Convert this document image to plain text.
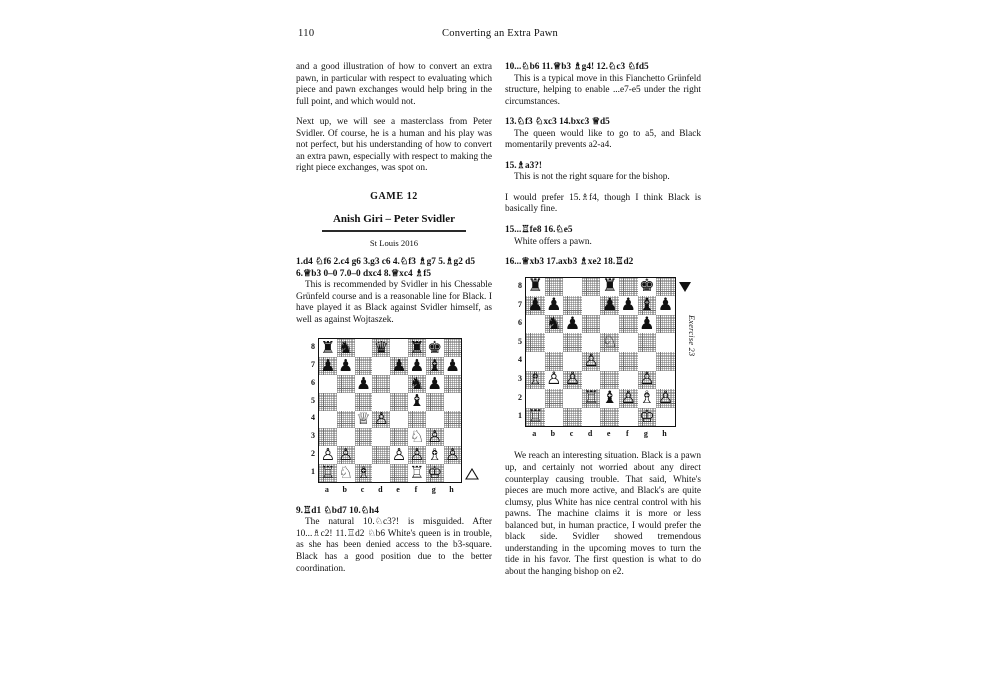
110	Converting an Extra Pawn

and a good illustration of how to convert an extra pawn, in particular with respect to evaluating which piece and pawn exchanges would help bring in the full point, and which would not.

Next up, we will see a masterclass from Peter Svidler. Of course, he is a human and his play was not perfect, but his understanding of how to convert an extra pawn, especially with respect to making the right piece exchanges, was spot on.

GAME 12
Anish Giri – Peter Svidler
St Louis 2016

1.d4 ♘f6 2.c4 g6 3.g3 c6 4.♘f3 ♗g7 5.♗g2 d5 6.♕b3 0–0 7.0–0 dxc4 8.♕xc4 ♗f5

This is recommended by Svidler in his Chessable Grünfeld course and is a reasonable line for Black. I have played it as Black against Svidler himself, as well as against Wojtaszek.

8
7
6
5
4
3
2
1
♜ ♞ ♛ ♜ ♚
♟ ♟ ♟ ♟ ♝ ♟
♟ ♞ ♟
♝
♕ ♙
♘ ♙
♙ ♙ ♙ ♙ ♗ ♙
♖ ♘ ♗ ♖ ♔
a	b	c	d	e	f	g	h

9.♖d1 ♘bd7 10.♘h4

The natural 10.♘c3?! is misguided. After 10...♗c2! 11.♖d2 ♘b6 White's queen is in trouble, as she has been denied access to the b3-square. Black has a good position due to the better coordination.

10...♘b6 11.♕b3 ♗g4! 12.♘c3 ♘fd5

This is a typical move in this Fianchetto Grünfeld structure, helping to enable ...e7-e5 under the right circumstances.

13.♘f3 ♘xc3 14.bxc3 ♕d5

The queen would like to go to a5, and Black momentarily prevents a2-a4.

15.♗a3?!

This is not the right square for the bishop.

I would prefer 15.♗f4, though I think Black is basically fine.

15...♖fe8 16.♘e5

White offers a pawn.

16...♕xb3 17.axb3 ♗xe2 18.♖d2

8
7
6
5
4
3
2
1
♜	♜ ♚
♟ ♟ ♟ ♟ ♝ ♟
♞ ♟	♟
♘
♙
♗ ♙ ♙	♙
♖ ♝ ♙ ♗ ♙
♖	♔
a	b	c	d	e	f	g	h
Exercise 23

We reach an interesting situation. Black is a pawn up, and certainly not worried about any direct counterplay causing trouble. That said, White's pieces are much more active, and Black's are quite clumsy, plus White has nice central control with his pawns. The machine claims it is more or less balanced but, in human practice, I would prefer the black side. Svidler showed tremendous understanding in the upcoming moves to turn the tide in his favor. The first question is what to do about the hanging bishop on e2.
